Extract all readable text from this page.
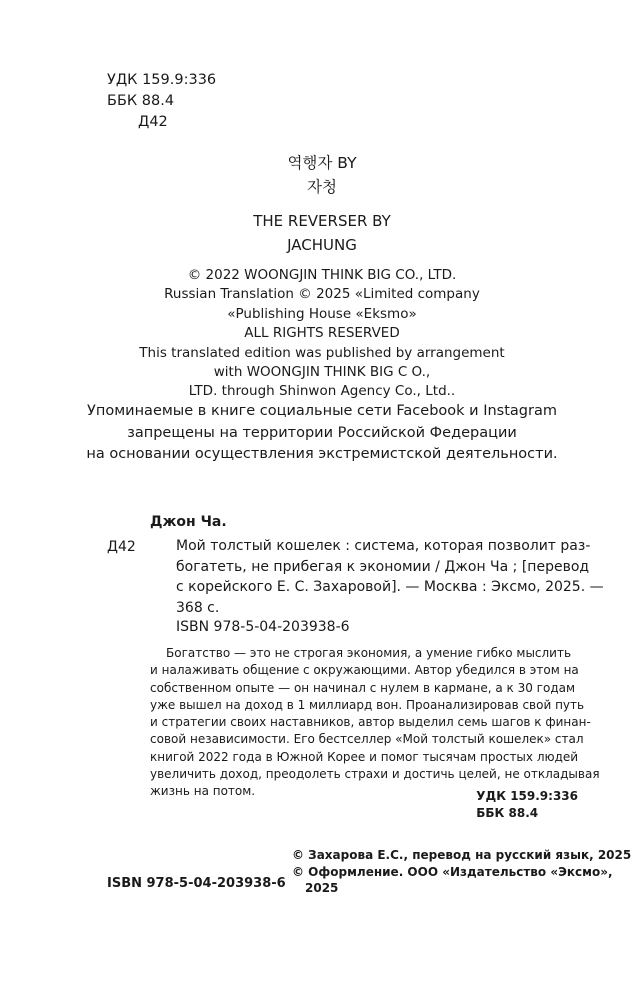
УДК 159.9:336
ББК 88.4
Д42
역행자 BY
자청
THE REVERSER BY
JACHUNG
© 2022 WOONGJIN THINK BIG CO., LTD.
Russian Translation © 2025 «Limited company
«Publishing House «Eksmo»
ALL RIGHTS RESERVED
This translated edition was published by arrangement
with WOONGJIN THINK BIG C O.,
LTD. through Shinwon Agency Co., Ltd..
Упоминаемые в книге социальные сети Facebook и Instagram
запрещены на территории Российской Федерации
на основании осуществления экстремистской деятельности.
Джон Ча.
Д42	Мой толстый кошелек : система, которая позволит раз-
богатеть, не прибегая к экономии / Джон Ча ; [перевод
с корейского Е. С. Захаровой]. — Москва : Эксмо, 2025. —
368 с.
ISBN 978-5-04-203938-6
Богатство — это не строгая экономия, а умение гибко мыслить
и налаживать общение с окружающими. Автор убедился в этом на
собственном опыте — он начинал с нулем в кармане, а к 30 годам
уже вышел на доход в 1 миллиард вон. Проанализировав свой путь
и стратегии своих наставников, автор выделил семь шагов к финан-
совой независимости. Его бестселлер «Мой толстый кошелек» стал
книгой 2022 года в Южной Корее и помог тысячам простых людей
увеличить доход, преодолеть страхи и достичь целей, не откладывая
жизнь на потом.	УДК 159.9:336
ББК 88.4
ISBN 978-5-04-203938-6
© Захарова Е.С., перевод на русский язык, 2025
© Оформление. ООО «Издательство «Эксмо»,
2025
